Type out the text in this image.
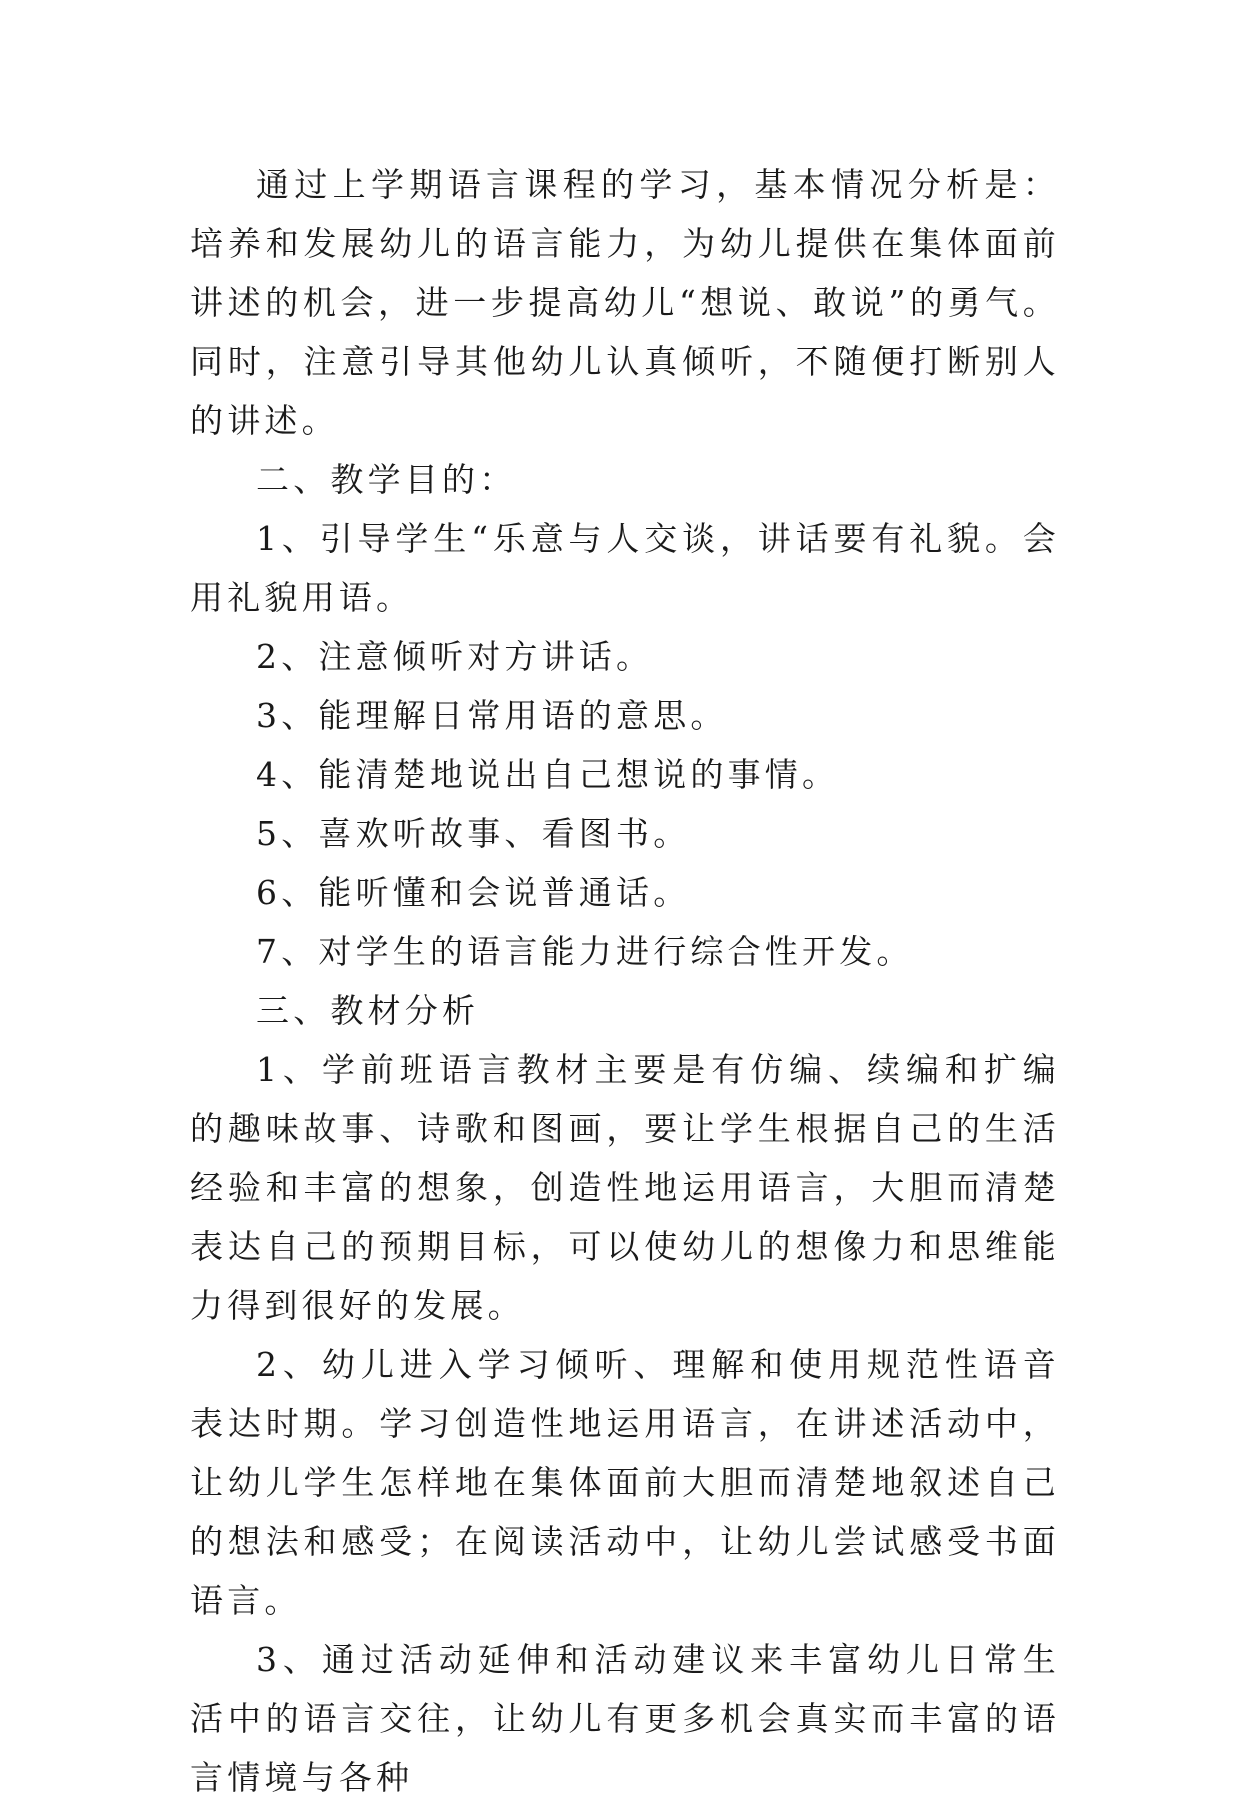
通过上学期语言课程的学习，基本情况分析是：培养和发展幼儿的语言能力，为幼儿提供在集体面前讲述的机会，进一步提高幼儿“想说、敢说”的勇气。同时，注意引导其他幼儿认真倾听，不随便打断别人的讲述。

二、教学目的：

1、引导学生“乐意与人交谈，讲话要有礼貌。会用礼貌用语。

2、注意倾听对方讲话。

3、能理解日常用语的意思。

4、能清楚地说出自己想说的事情。

5、喜欢听故事、看图书。

6、能听懂和会说普通话。

7、对学生的语言能力进行综合性开发。

三、教材分析

1、学前班语言教材主要是有仿编、续编和扩编的趣味故事、诗歌和图画，要让学生根据自己的生活经验和丰富的想象，创造性地运用语言，大胆而清楚表达自己的预期目标，可以使幼儿的想像力和思维能力得到很好的发展。

2、幼儿进入学习倾听、理解和使用规范性语音表达时期。学习创造性地运用语言，在讲述活动中，让幼儿学生怎样地在集体面前大胆而清楚地叙述自己的想法和感受；在阅读活动中，让幼儿尝试感受书面语言。

3、通过活动延伸和活动建议来丰富幼儿日常生活中的语言交往，让幼儿有更多机会真实而丰富的语言情境与各种
